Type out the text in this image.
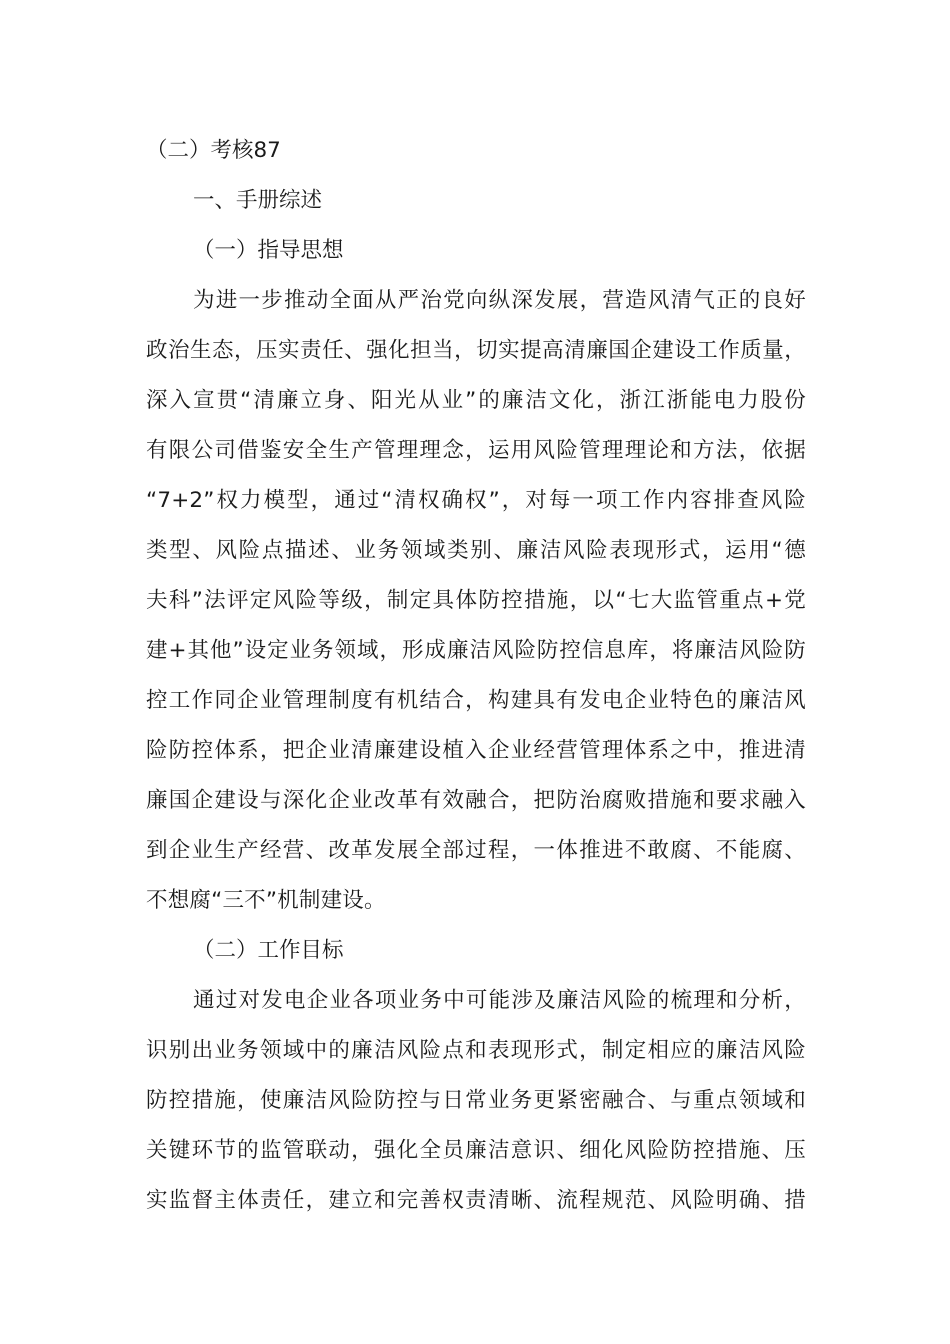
（二）考核87
一、手册综述
（一）指导思想
为进一步推动全面从严治党向纵深发展，营造风清气正的良好
政治生态，压实责任、强化担当，切实提高清廉国企建设工作质量，
深入宣贯“清廉立身、阳光从业”的廉洁文化，浙江浙能电力股份
有限公司借鉴安全生产管理理念，运用风险管理理论和方法，依据
“7+2”权力模型，通过“清权确权”，对每一项工作内容排查风险
类型、风险点描述、业务领域类别、廉洁风险表现形式，运用“德
夫科”法评定风险等级，制定具体防控措施，以“七大监管重点+党
建+其他”设定业务领域，形成廉洁风险防控信息库，将廉洁风险防
控工作同企业管理制度有机结合，构建具有发电企业特色的廉洁风
险防控体系，把企业清廉建设植入企业经营管理体系之中，推进清
廉国企建设与深化企业改革有效融合，把防治腐败措施和要求融入
到企业生产经营、改革发展全部过程，一体推进不敢腐、不能腐、
不想腐“三不”机制建设。
（二）工作目标
通过对发电企业各项业务中可能涉及廉洁风险的梳理和分析，
识别出业务领域中的廉洁风险点和表现形式，制定相应的廉洁风险
防控措施，使廉洁风险防控与日常业务更紧密融合、与重点领域和
关键环节的监管联动，强化全员廉洁意识、细化风险防控措施、压
实监督主体责任，建立和完善权责清晰、流程规范、风险明确、措
